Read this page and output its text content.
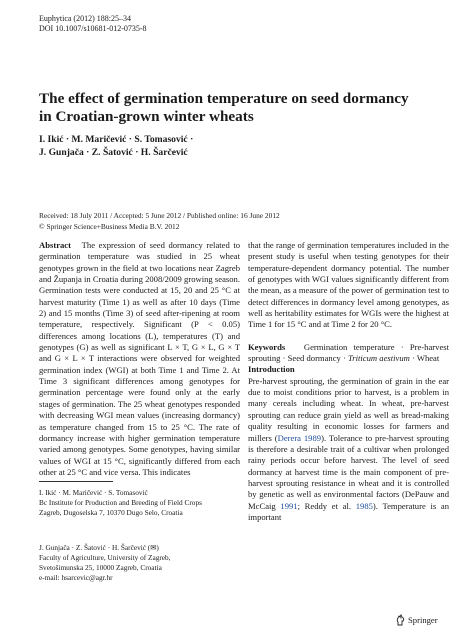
Euphytica (2012) 188:25–34
DOI 10.1007/s10681-012-0735-8
The effect of germination temperature on seed dormancy
in Croatian-grown winter wheats
I. Ikić · M. Maričević · S. Tomasović ·
J. Gunjača · Z. Šatović · H. Šarčević
Received: 18 July 2011 / Accepted: 5 June 2012 / Published online: 16 June 2012
© Springer Science+Business Media B.V. 2012

Abstract The expression of seed dormancy related to germination temperature was studied in 25 wheat genotypes grown in the field at two locations near Zagreb and Županja in Croatia during 2008/2009 growing season. Germination tests were conducted at 15, 20 and 25 °C at harvest maturity (Time 1) as well as after 10 days (Time 2) and 15 months (Time 3) of seed after-ripening at room temperature, respectively. Significant (P < 0.05) differences among locations (L), temperatures (T) and genotypes (G) as well as significant L × T, G × L, G × T and G × L × T interactions were observed for weighted germination index (WGI) at both Time 1 and Time 2. At Time 3 significant differences among genotypes for germination percentage were found only at the early stages of germination. The 25 wheat genotypes responded with decreasing WGI mean values (increasing dormancy) as temperature changed from 15 to 25 °C. The rate of dormancy increase with higher germination temperature varied among genotypes. Some genotypes, having similar values of WGI at 15 °C, significantly differed from each other at 25 °C and vice versa. This indicates

I. Ikić · M. Maričević · S. Tomasović
Bc Institute for Production and Breeding of Field Crops
Zagreb, Dugoselska 7, 10370 Dugo Selo, Croatia
J. Gunjača · Z. Šatović · H. Šarčević (✉)
Faculty of Agriculture, University of Zagreb,
Svetošimunska 25, 10000 Zagreb, Croatia
e-mail: hsarcevic@agr.hr

that the range of germination temperatures included in the present study is useful when testing genotypes for their temperature-dependent dormancy potential. The number of genotypes with WGI values significantly different from the mean, as a measure of the power of germination test to detect differences in dormancy level among genotypes, as well as heritability estimates for WGIs were the highest at Time 1 for 15 °C and at Time 2 for 20 °C.

Keywords Germination temperature · Pre-harvest sprouting · Seed dormancy · Triticum aestivum · Wheat

Introduction

Pre-harvest sprouting, the germination of grain in the ear due to moist conditions prior to harvest, is a problem in many cereals including wheat. In wheat, pre-harvest sprouting can reduce grain yield as well as bread-making quality resulting in economic losses for farmers and millers (Derera 1989). Tolerance to pre-harvest sprouting is therefore a desirable trait of a cultivar when prolonged rainy periods occur before harvest. The level of seed dormancy at harvest time is the main component of pre-harvest sprouting resistance in wheat and it is controlled by genetic as well as environmental factors (DePauw and McCaig 1991; Reddy et al. 1985). Temperature is an important

Springer
